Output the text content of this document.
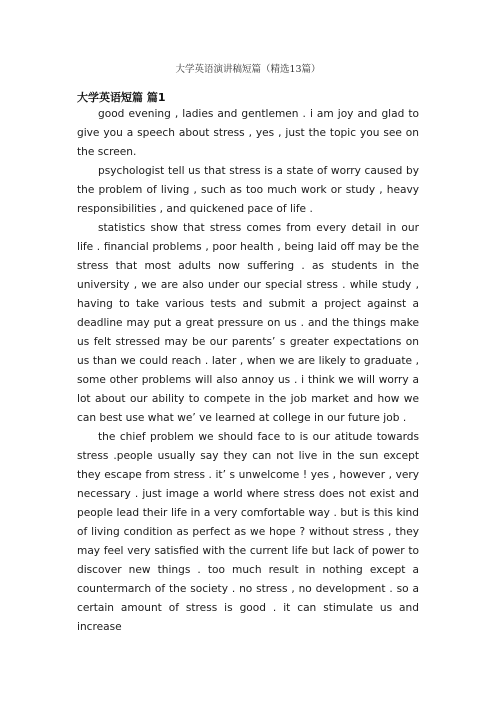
大学英语演讲稿短篇（精选13篇）
大学英语短篇 篇1

good evening , ladies and gentlemen . i am joy and glad to give you a speech about stress , yes , just the topic you see on the screen.

psychologist tell us that stress is a state of worry caused by the problem of living , such as too much work or study , heavy responsibilities , and quickened pace of life .

statistics show that stress comes from every detail in our life . financial problems , poor health , being laid off may be the stress that most adults now suffering . as students in the university , we are also under our special stress . while study , having to take various tests and submit a project against a deadline may put a great pressure on us . and the things make us felt stressed may be our parents’ s greater expectations on us than we could reach . later , when we are likely to graduate , some other problems will also annoy us . i think we will worry a lot about our ability to compete in the job market and how we can best use what we’ ve learned at college in our future job .

the chief problem we should face to is our atitude towards stress .people usually say they can not live in the sun except they escape from stress . it’ s unwelcome ! yes , however , very necessary . just image a world where stress does not exist and people lead their life in a very comfortable way . but is this kind of living condition as perfect as we hope ? without stress , they may feel very satisfied with the current life but lack of power to discover new things . too much result in nothing except a countermarch of the society . no stress , no development . so a certain amount of stress is good . it can stimulate us and increase
